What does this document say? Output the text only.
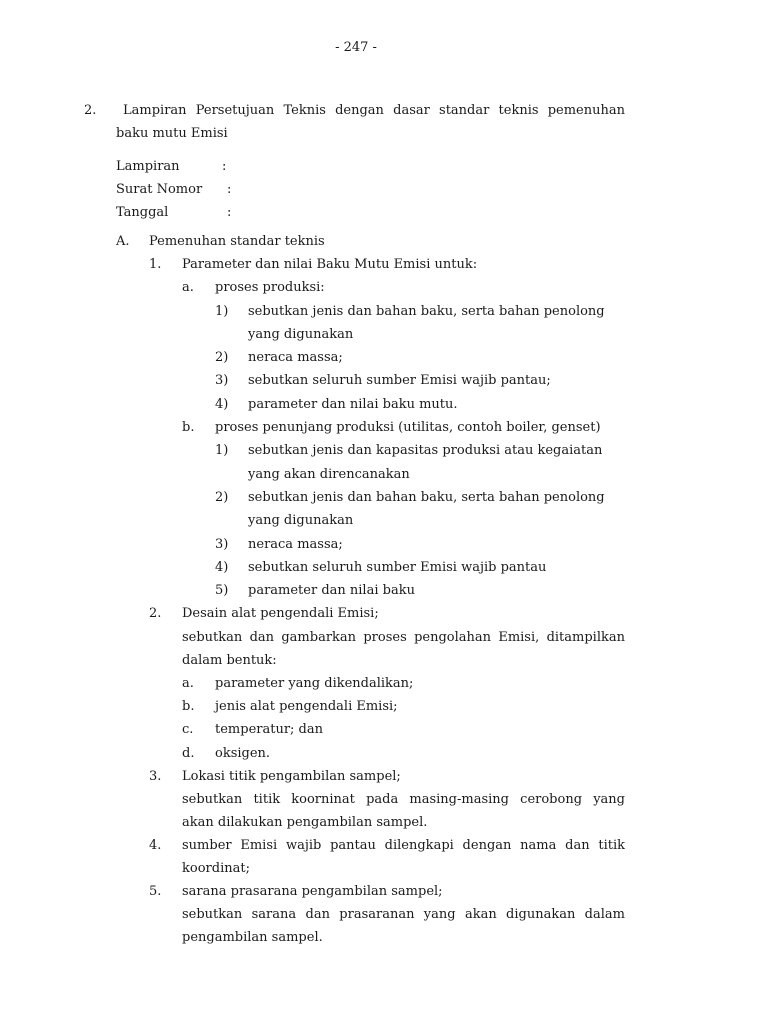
- 247 -
2. Lampiran Persetujuan Teknis dengan dasar standar teknis pemenuhan
baku mutu Emisi
Lampiran	:
Surat Nomor :
Tanggal	:
A. Pemenuhan standar teknis
1. Parameter dan nilai Baku Mutu Emisi untuk:
a. proses produksi:
1) sebutkan jenis dan bahan baku, serta bahan penolong
yang digunakan
2) neraca massa;
3) sebutkan seluruh sumber Emisi wajib pantau;
4) parameter dan nilai baku mutu.
b. proses penunjang produksi (utilitas, contoh boiler, genset)
1) sebutkan jenis dan kapasitas produksi atau kegaiatan
yang akan direncanakan
2) sebutkan jenis dan bahan baku, serta bahan penolong
yang digunakan
3) neraca massa;
4) sebutkan seluruh sumber Emisi wajib pantau
5) parameter dan nilai baku
2. Desain alat pengendali Emisi;
sebutkan dan gambarkan proses pengolahan Emisi, ditampilkan
dalam bentuk:
a. parameter yang dikendalikan;
b. jenis alat pengendali Emisi;
c. temperatur; dan
d. oksigen.
3. Lokasi titik pengambilan sampel;
sebutkan titik koorninat pada masing-masing cerobong yang
akan dilakukan pengambilan sampel.
4. sumber Emisi wajib pantau dilengkapi dengan nama dan titik
koordinat;
5. sarana prasarana pengambilan sampel;
sebutkan sarana dan prasaranan yang akan digunakan dalam
pengambilan sampel.
